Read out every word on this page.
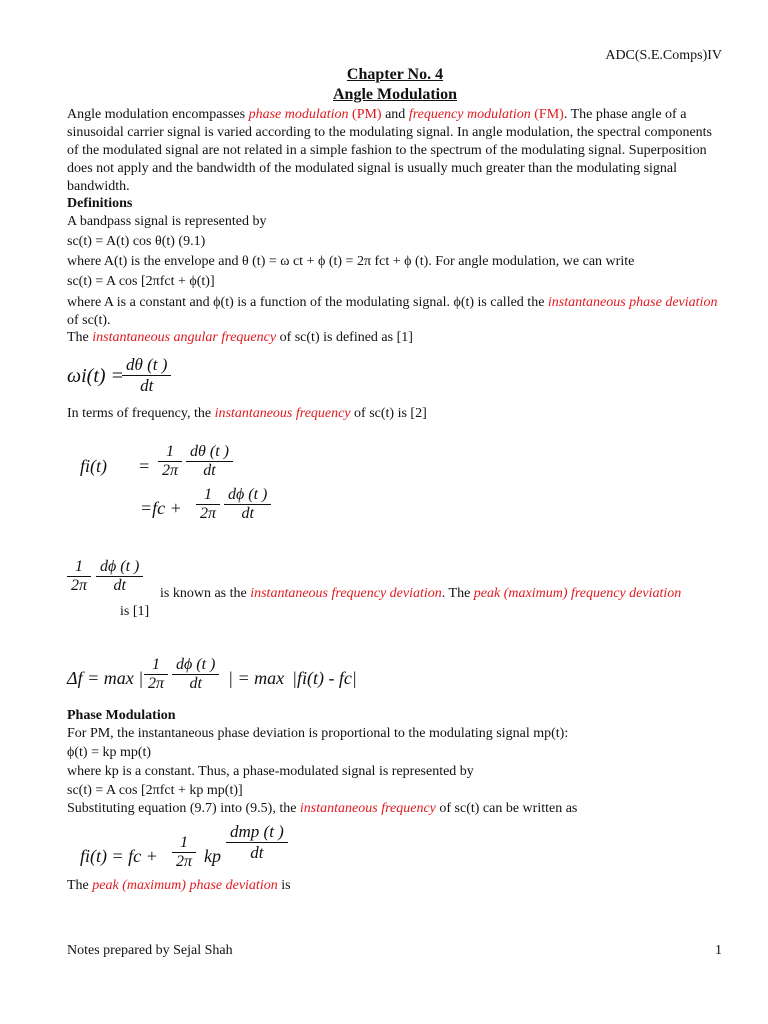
ADC(S.E.Comps)IV
Chapter No. 4
Angle Modulation
Angle modulation encompasses phase modulation (PM) and frequency modulation (FM). The phase angle of a sinusoidal carrier signal is varied according to the modulating signal. In angle modulation, the spectral components of the modulated signal are not related in a simple fashion to the spectrum of the modulating signal. Superposition does not apply and the bandwidth of the modulated signal is usually much greater than the modulating signal bandwidth.
Definitions
A bandpass signal is represented by
sc(t) = A(t) cos θ(t) (9.1)
where A(t) is the envelope and θ (t) = ω ct + ϕ (t) = 2π fct + ϕ (t). For angle modulation, we can write
sc(t) = A cos [2πfct + ϕ(t)]
where A is a constant and ϕ(t) is a function of the modulating signal. ϕ(t) is called the instantaneous phase deviation of sc(t).
The instantaneous angular frequency of sc(t) is defined as [1]
ωi(t) =
$\frac{d\theta (t )}{dt}$
In terms of frequency, the instantaneous frequency of sc(t) is [2]
$fi(t) = \frac{1}{2\pi} \frac{d\theta (t )}{dt}$
$=fc + \frac{1}{2\pi} \frac{d\phi (t )}{dt}$
$\frac{1}{2\pi} \frac{d\phi (t )}{dt}$ is known as the instantaneous frequency deviation. The peak (maximum) frequency deviation
is [1]
Δf = max | $\frac{1}{2\pi} \frac{d\phi (t )}{dt}$ | = max |fi(t) - fc|
Phase Modulation
For PM, the instantaneous phase deviation is proportional to the modulating signal mp(t):
ϕ(t) = kp mp(t)
where kp is a constant. Thus, a phase-modulated signal is represented by
sc(t) = A cos [2πfct + kp mp(t)]
Substituting equation (9.7) into (9.5), the instantaneous frequency of sc(t) can be written as
fi(t) = fc + $\frac{1}{2\pi}$ kp
dmp (t )
dt
The peak (maximum) phase deviation is
Notes prepared by Sejal Shah	1
